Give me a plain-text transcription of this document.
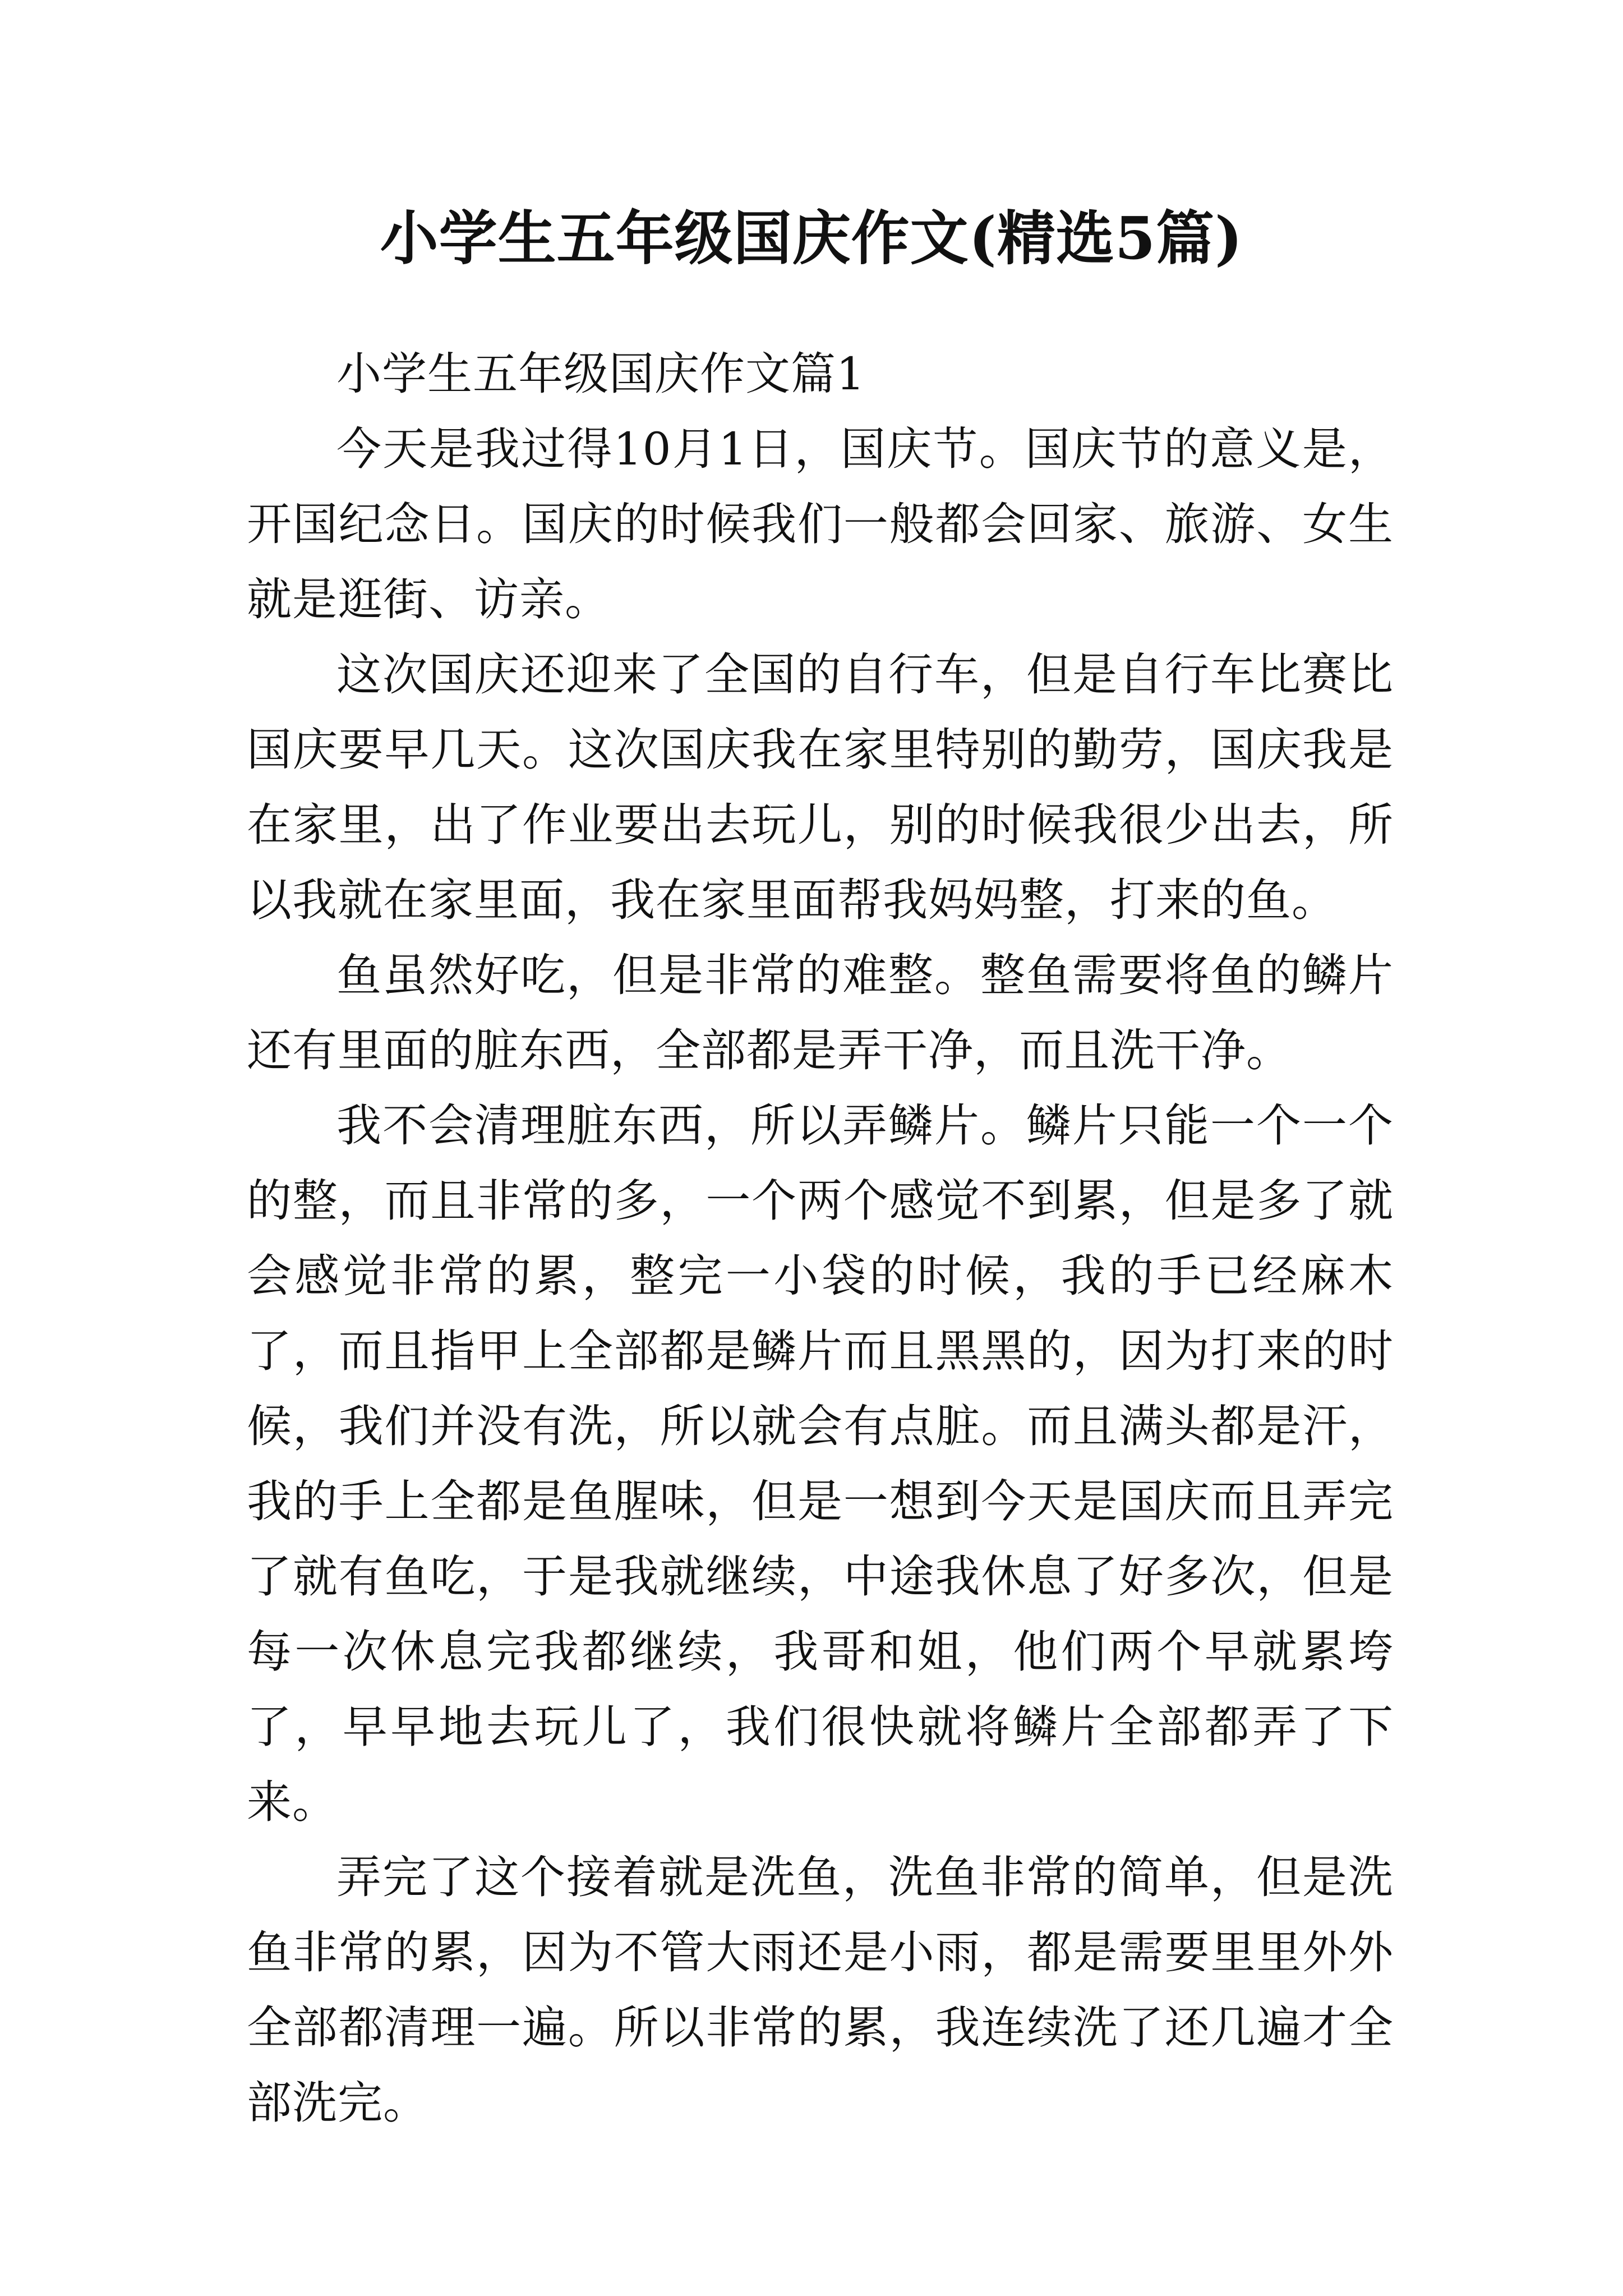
小学生五年级国庆作文(精选5篇)

小学生五年级国庆作文篇1

今天是我过得10月1日，国庆节。国庆节的意义是，开国纪念日。国庆的时候我们一般都会回家、旅游、女生就是逛街、访亲。

这次国庆还迎来了全国的自行车，但是自行车比赛比国庆要早几天。这次国庆我在家里特别的勤劳，国庆我是在家里，出了作业要出去玩儿，别的时候我很少出去，所以我就在家里面，我在家里面帮我妈妈整，打来的鱼。

鱼虽然好吃，但是非常的难整。整鱼需要将鱼的鳞片还有里面的脏东西，全部都是弄干净，而且洗干净。

我不会清理脏东西，所以弄鳞片。鳞片只能一个一个的整，而且非常的多，一个两个感觉不到累，但是多了就会感觉非常的累，整完一小袋的时候，我的手已经麻木了，而且指甲上全部都是鳞片而且黑黑的，因为打来的时候，我们并没有洗，所以就会有点脏。而且满头都是汗，我的手上全都是鱼腥味，但是一想到今天是国庆而且弄完了就有鱼吃，于是我就继续，中途我休息了好多次，但是每一次休息完我都继续，我哥和姐，他们两个早就累垮了，早早地去玩儿了，我们很快就将鳞片全部都弄了下来。

弄完了这个接着就是洗鱼，洗鱼非常的简单，但是洗鱼非常的累，因为不管大雨还是小雨，都是需要里里外外全部都清理一遍。所以非常的累，我连续洗了还几遍才全部洗完。
